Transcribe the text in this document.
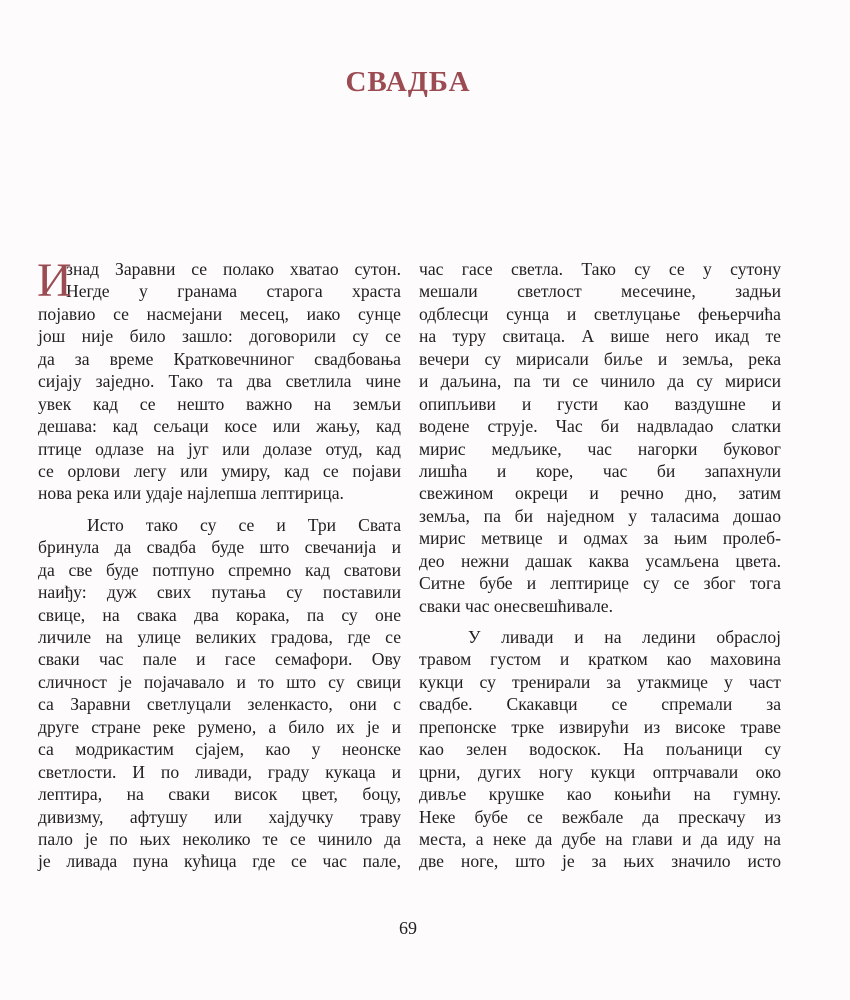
СВАДБА
И
знад Заравни се полако хватао сутон.
Негде у гранама старога храста
појавио се насмејани месец, иако сунце
још није било зашло: договорили су се
да за време Кратковечниног свадбовања
сијају заједно. Тако та два светлила чине
увек кад се нешто важно на земљи
дешава: кад сељаци косе или жању, кад
птице одлазе на југ или долазе отуд, кад
се орлови легу или умиру, кад се појави
нова река или удаје најлепша лептирица.
Исто тако су се и Три Свата
бринула да свадба буде што свечанија и
да све буде потпуно спремно кад сватови
наиђу: дуж свих путања су поставили
свице, на свака два корака, па су оне
личиле на улице великих градова, где се
сваки час пале и гасе семафори. Ову
сличност је појачавало и то што су свици
са Заравни светлуцали зеленкасто, они с
друге стране реке румено, а било их је и
са модрикастим сјајем, као у неонске
светлости. И по ливади, граду кукаца и
лептира, на сваки висок цвет, боцу,
дивизму, афтушу или хајдучку траву
пало је по њих неколико те се чинило да
је ливада пуна кућица где се час пале,
час гасе светла. Тако су се у сутону
мешали светлост месечине, задњи
одблесци сунца и светлуцање фењерчића
на туру свитаца. А више него икад те
вечери су мирисали биље и земља, река
и даљина, па ти се чинило да су мириси
опипљиви и густи као ваздушне и
водене струје. Час би надвладао слатки
мирис медљике, час нагорки буковог
лишћа и коре, час би запахнули
свежином окреци и речно дно, затим
земља, па би наједном у таласима дошао
мирис метвице и одмах за њим пролеб-
део нежни дашак каква усамљена цвета.
Ситне бубе и лептирице су се због тога
сваки час онесвешћивале.
У ливади и на ледини обраслој
травом густом и кратком као маховина
кукци су тренирали за утакмице у част
свадбе. Скакавци се спремали за
препонске трке извирући из високе траве
као зелен водоскок. На пољаници су
црни, дугих ногу кукци оптрчавали око
дивље крушке као коњићи на гумну.
Неке бубе се вежбале да прескачу из
места, а неке да дубе на глави и да иду на
две ноге, што је за њих значило исто
69
